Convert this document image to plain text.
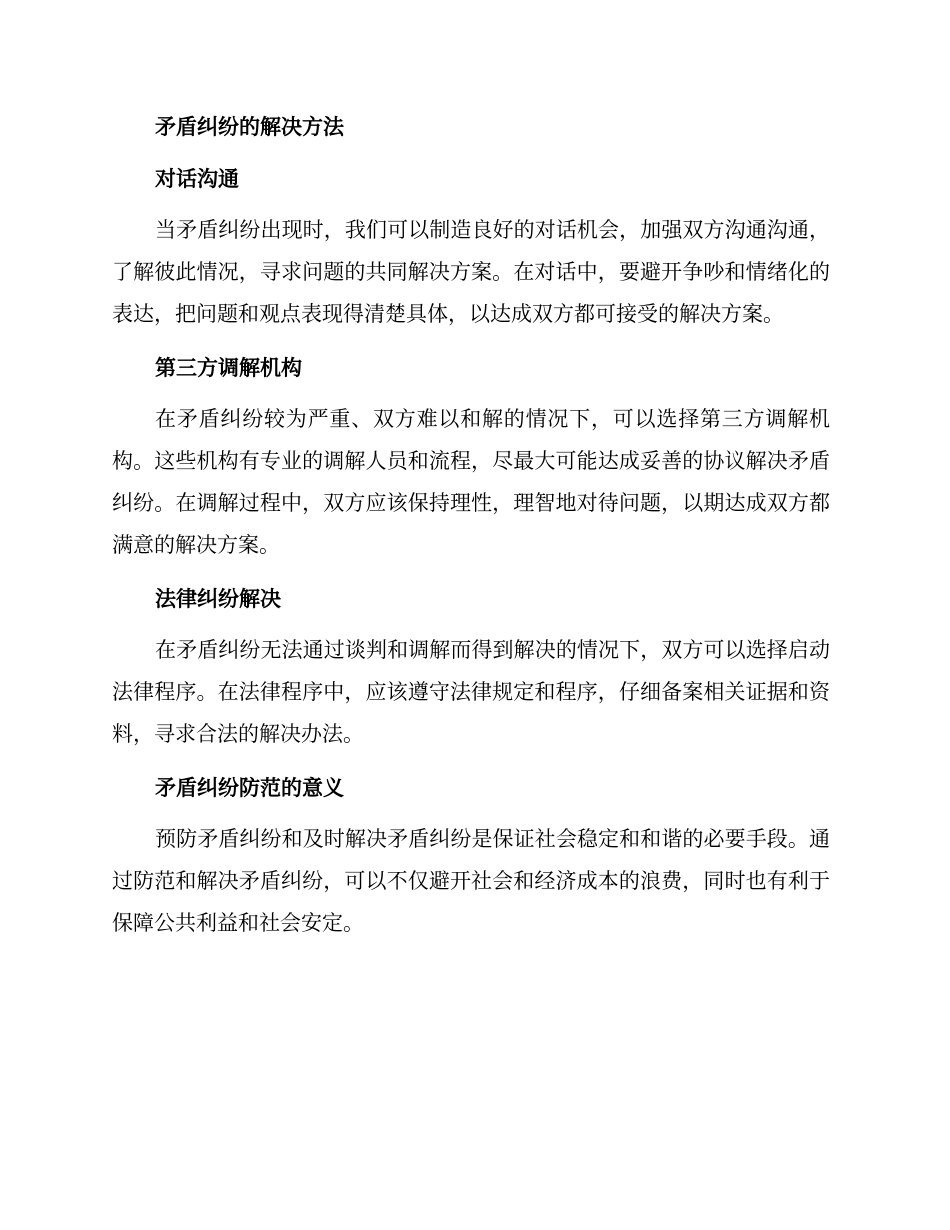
矛盾纠纷的解决方法
对话沟通

当矛盾纠纷出现时，我们可以制造良好的对话机会，加强双方沟通沟通，了解彼此情况，寻求问题的共同解决方案。在对话中，要避开争吵和情绪化的表达，把问题和观点表现得清楚具体，以达成双方都可接受的解决方案。

第三方调解机构

在矛盾纠纷较为严重、双方难以和解的情况下，可以选择第三方调解机构。这些机构有专业的调解人员和流程，尽最大可能达成妥善的协议解决矛盾纠纷。在调解过程中，双方应该保持理性，理智地对待问题，以期达成双方都满意的解决方案。

法律纠纷解决

在矛盾纠纷无法通过谈判和调解而得到解决的情况下，双方可以选择启动法律程序。在法律程序中，应该遵守法律规定和程序，仔细备案相关证据和资料，寻求合法的解决办法。

矛盾纠纷防范的意义

预防矛盾纠纷和及时解决矛盾纠纷是保证社会稳定和和谐的必要手段。通过防范和解决矛盾纠纷，可以不仅避开社会和经济成本的浪费，同时也有利于保障公共利益和社会安定。
